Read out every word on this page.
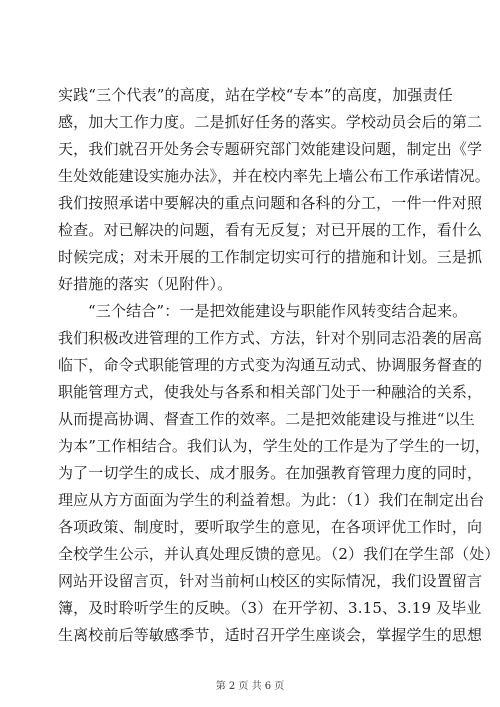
实践“三个代表”的高度，站在学校“专本”的高度，加强责任
感，加大工作力度。二是抓好任务的落实。学校动员会后的第二
天，我们就召开处务会专题研究部门效能建设问题，制定出《学
生处效能建设实施办法》，并在校内率先上墙公布工作承诺情况。
我们按照承诺中要解决的重点问题和各科的分工，一件一件对照
检查。对已解决的问题，看有无反复；对已开展的工作，看什么
时候完成；对未开展的工作制定切实可行的措施和计划。三是抓
好措施的落实（见附件）。
“三个结合”：一是把效能建设与职能作风转变结合起来。
我们积极改进管理的工作方式、方法，针对个别同志沿袭的居高
临下，命令式职能管理的方式变为沟通互动式、协调服务督查的
职能管理方式，使我处与各系和相关部门处于一种融洽的关系，
从而提高协调、督查工作的效率。二是把效能建设与推进“以生
为本”工作相结合。我们认为，学生处的工作是为了学生的一切，
为了一切学生的成长、成才服务。在加强教育管理力度的同时，
理应从方方面面为学生的利益着想。为此：（1）我们在制定出台
各项政策、制度时，要听取学生的意见，在各项评优工作时，向
全校学生公示，并认真处理反馈的意见。（2）我们在学生部（处）
网站开设留言页，针对当前柯山校区的实际情况，我们设置留言
簿，及时聆听学生的反映。（3）在开学初、3.15、3.19 及毕业
生离校前后等敏感季节，适时召开学生座谈会，掌握学生的思想
第 2 页 共 6 页
